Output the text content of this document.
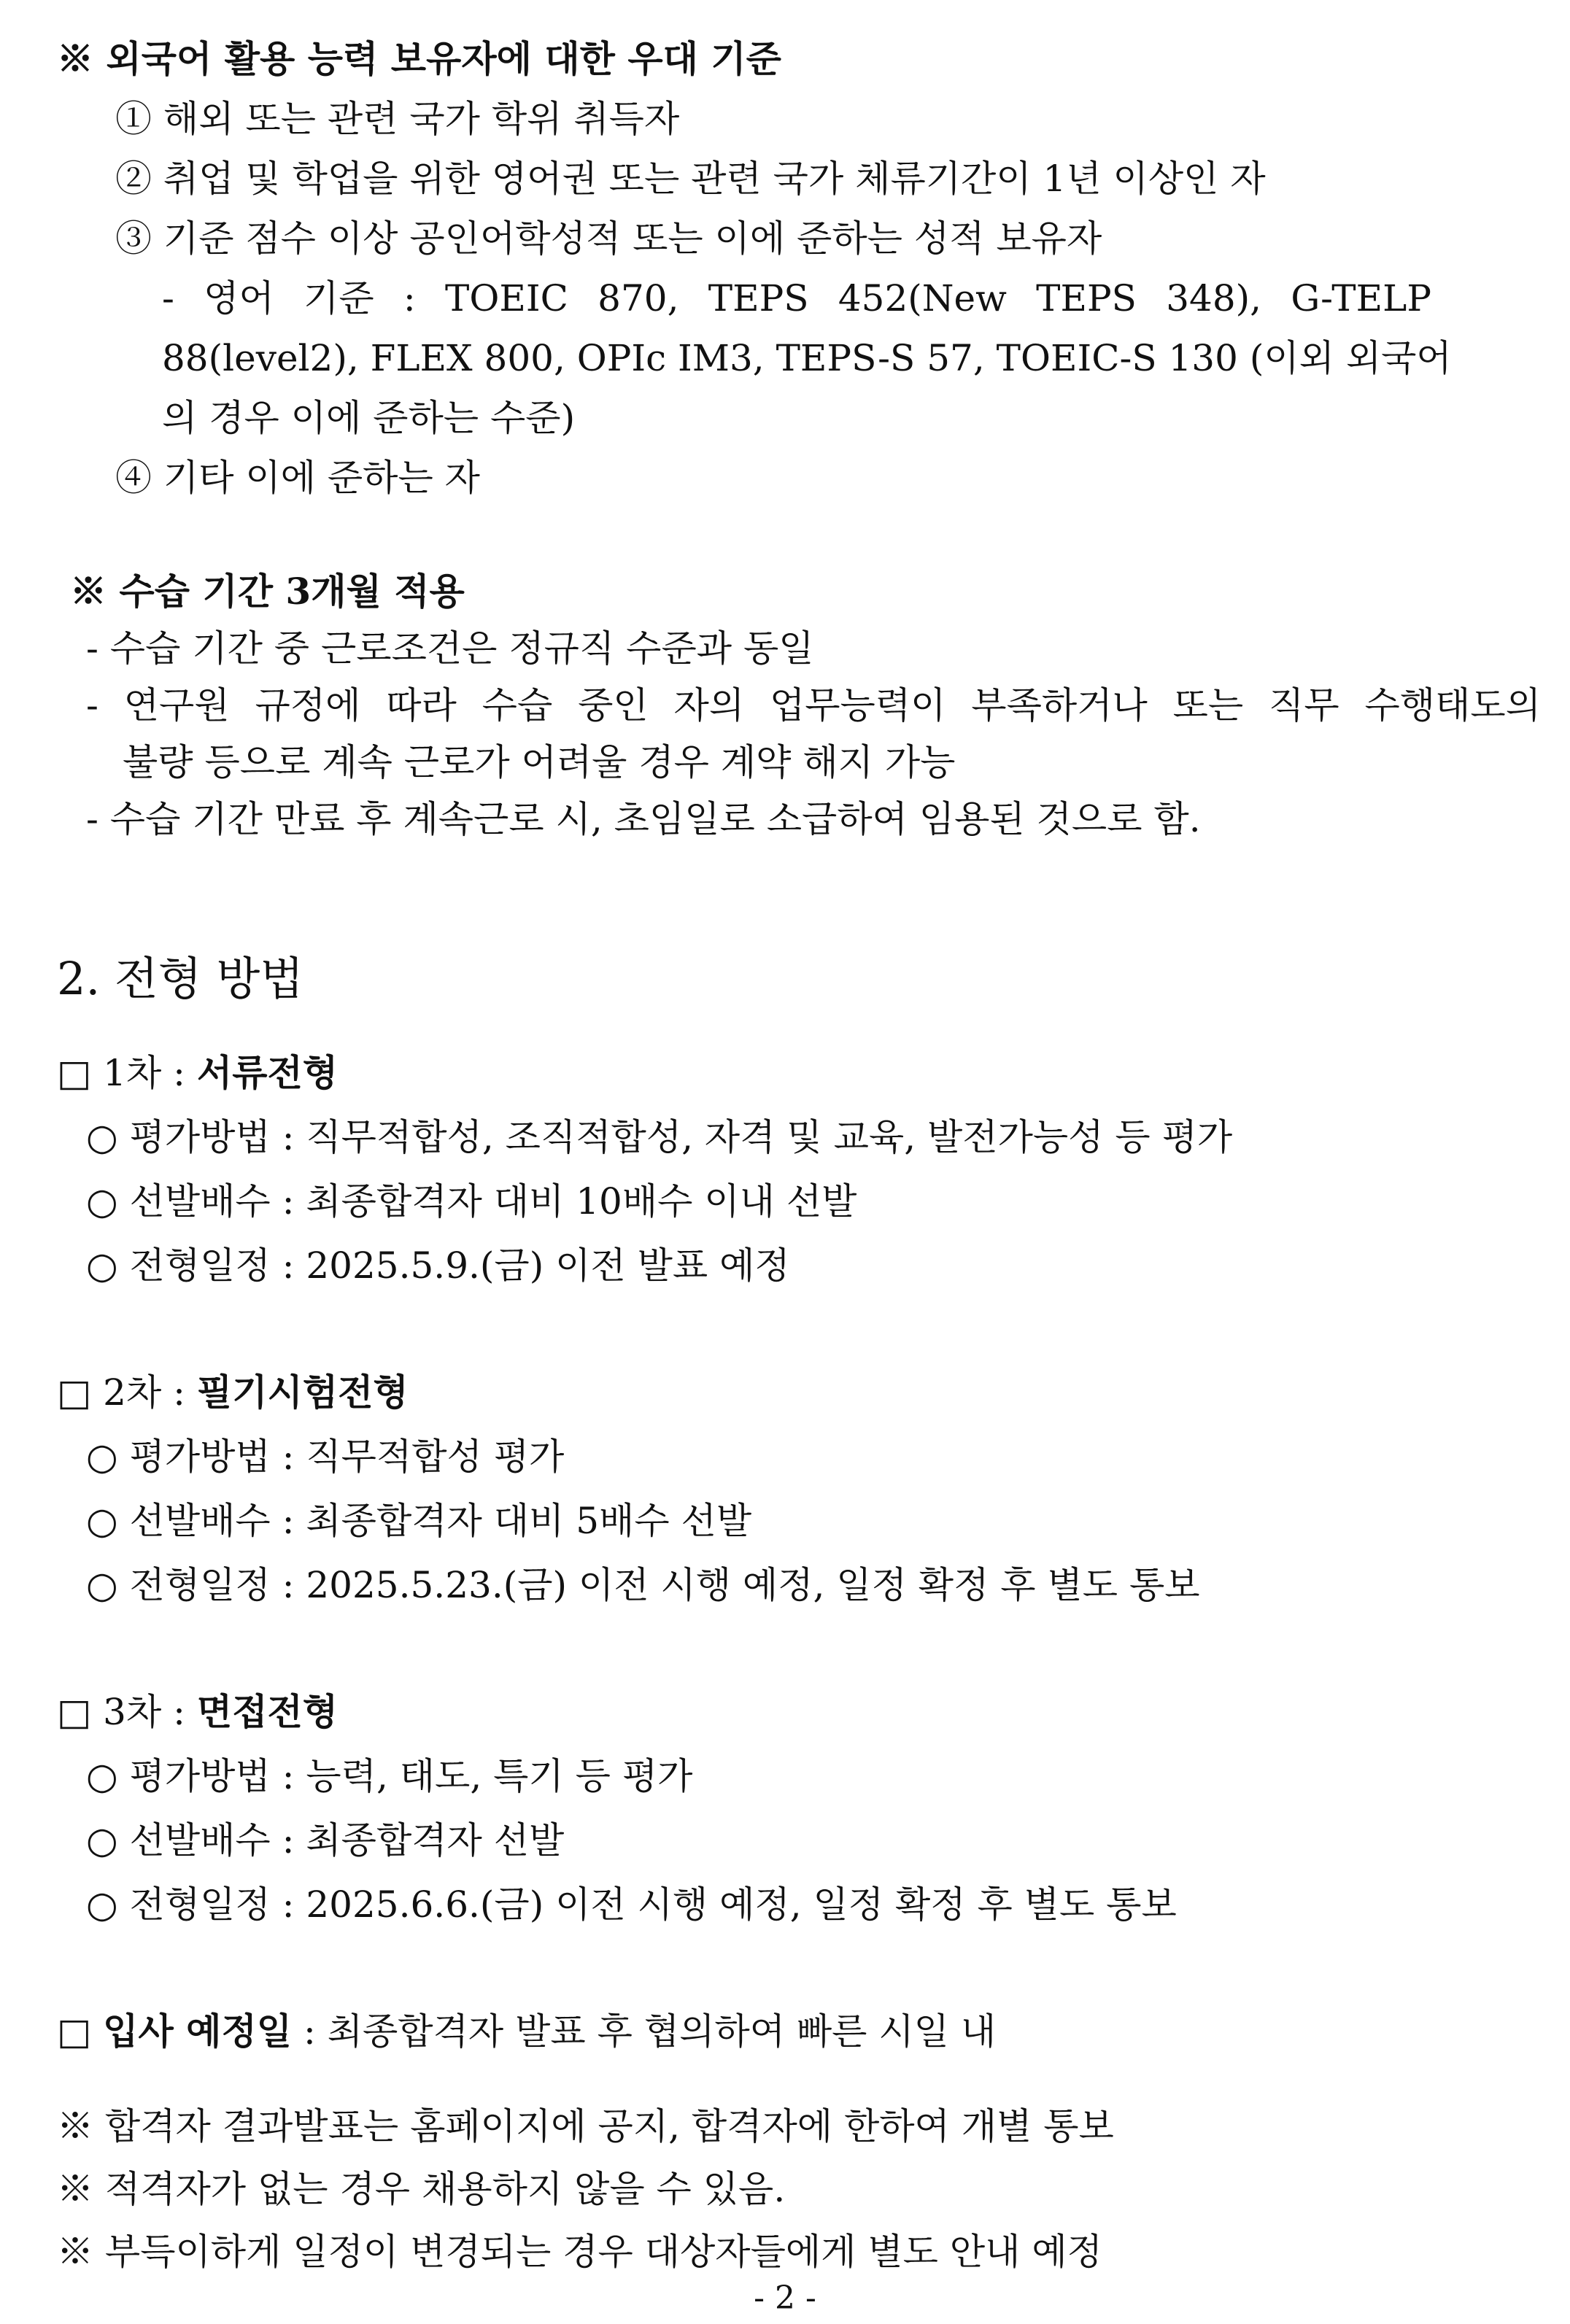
※ 외국어 활용 능력 보유자에 대한 우대 기준
① 해외 또는 관련 국가 학위 취득자
② 취업 및 학업을 위한 영어권 또는 관련 국가 체류기간이 1년 이상인 자
③ 기준 점수 이상 공인어학성적 또는 이에 준하는 성적 보유자
- 영어 기준 : TOEIC 870, TEPS 452(New TEPS 348), G-TELP
88(level2), FLEX 800, OPIc IM3, TEPS-S 57, TOEIC-S 130 (이외 외국어
의 경우 이에 준하는 수준)
④ 기타 이에 준하는 자
※ 수습 기간 3개월 적용
- 수습 기간 중 근로조건은 정규직 수준과 동일
- 연구원 규정에 따라 수습 중인 자의 업무능력이 부족하거나 또는 직무 수행태도의
불량 등으로 계속 근로가 어려울 경우 계약 해지 가능
- 수습 기간 만료 후 계속근로 시, 초임일로 소급하여 임용된 것으로 함.
2. 전형 방법
□ 1차 : 서류전형
○ 평가방법 : 직무적합성, 조직적합성, 자격 및 교육, 발전가능성 등 평가
○ 선발배수 : 최종합격자 대비 10배수 이내 선발
○ 전형일정 : 2025.5.9.(금) 이전 발표 예정
□ 2차 : 필기시험전형
○ 평가방법 : 직무적합성 평가
○ 선발배수 : 최종합격자 대비 5배수 선발
○ 전형일정 : 2025.5.23.(금) 이전 시행 예정, 일정 확정 후 별도 통보
□ 3차 : 면접전형
○ 평가방법 : 능력, 태도, 특기 등 평가
○ 선발배수 : 최종합격자 선발
○ 전형일정 : 2025.6.6.(금) 이전 시행 예정, 일정 확정 후 별도 통보
□ 입사 예정일 : 최종합격자 발표 후 협의하여 빠른 시일 내
※ 합격자 결과발표는 홈페이지에 공지, 합격자에 한하여 개별 통보
※ 적격자가 없는 경우 채용하지 않을 수 있음.
※ 부득이하게 일정이 변경되는 경우 대상자들에게 별도 안내 예정
- 2 -
